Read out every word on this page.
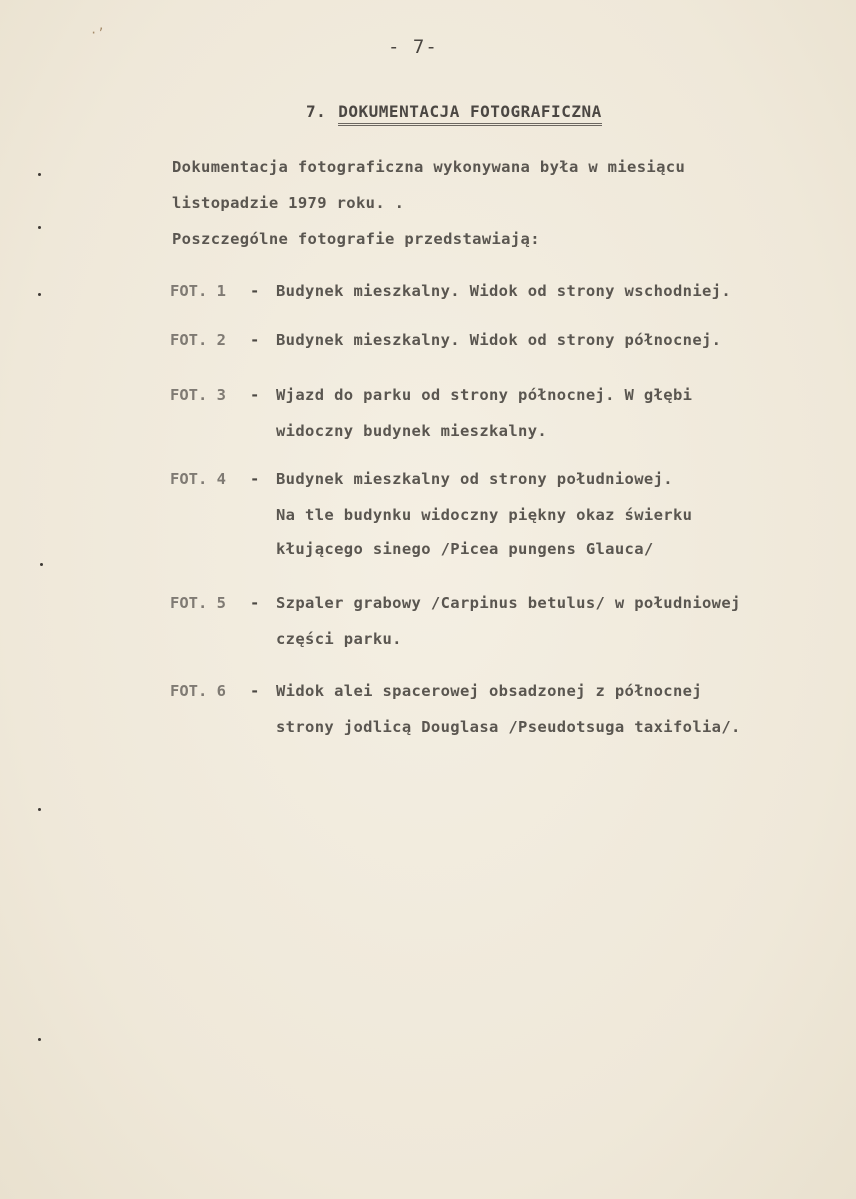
·’
- 7-
7. DOKUMENTACJA FOTOGRAFICZNA
Dokumentacja fotograficzna wykonywana była w miesiącu
listopadzie 1979 roku. .
Poszczególne fotografie przedstawiają:
FOT. 1 - Budynek mieszkalny. Widok od strony wschodniej.
FOT. 2 - Budynek mieszkalny. Widok od strony północnej.
FOT. 3 - Wjazd do parku od strony północnej. W głębi
widoczny budynek mieszkalny.
FOT. 4 - Budynek mieszkalny od strony południowej.
Na tle budynku widoczny piękny okaz świerku
kłującego sinego /Picea pungens Glauca/
FOT. 5 - Szpaler grabowy /Carpinus betulus/ w południowej
części parku.
FOT. 6 - Widok alei spacerowej obsadzonej z północnej
strony jodlicą Douglasa /Pseudotsuga taxifolia/.
